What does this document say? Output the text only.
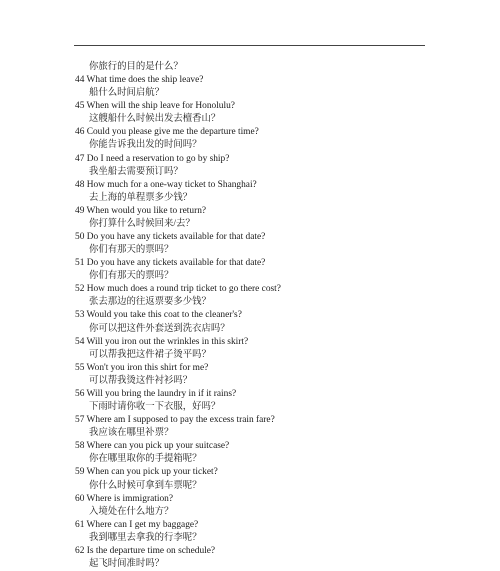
你旅行的目的是什么？
44 What time does the ship leave?
船什么时间启航？
45 When will the ship leave for Honolulu?
这艘船什么时候出发去檀香山？
46 Could you please give me the departure time?
你能告诉我出发的时间吗？
47 Do I need a reservation to go by ship?
我坐船去需要预订吗？
48 How much for a one-way ticket to Shanghai?
去上海的单程票多少钱？
49 When would you like to return?
你打算什么时候回来/去？
50 Do you have any tickets available for that date?
你们有那天的票吗？
51 Do you have any tickets available for that date?
你们有那天的票吗？
52 How much does a round trip ticket to go there cost?
张去那边的往返票要多少钱？
53 Would you take this coat to the cleaner's?
你可以把这件外套送到洗衣店吗？
54 Will you iron out the wrinkles in this skirt?
可以帮我把这件裙子烫平吗？
55 Won't you iron this shirt for me?
可以帮我烫这件衬衫吗？
56 Will you bring the laundry in if it rains?
下雨时请你收一下衣服，好吗？
57 Where am I supposed to pay the excess train fare?
我应该在哪里补票？
58 Where can you pick up your suitcase?
你在哪里取你的手提箱呢？
59 When can you pick up your ticket?
你什么时候可拿到车票呢？
60 Where is immigration?
入境处在什么地方？
61 Where can I get my baggage?
我到哪里去拿我的行李呢？
62 Is the departure time on schedule?
起飞时间准时吗？
